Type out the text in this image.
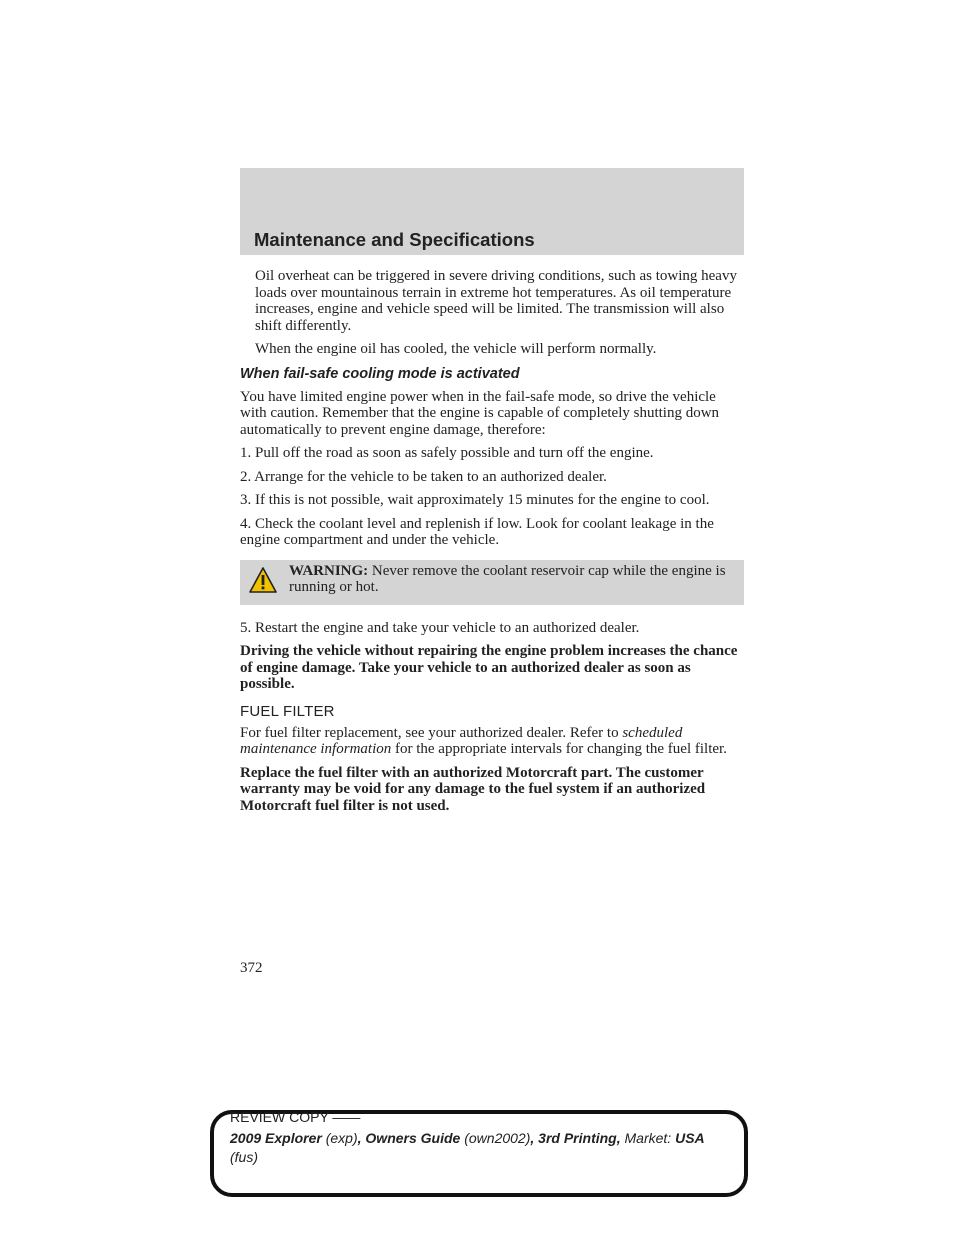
Maintenance and Specifications

Oil overheat can be triggered in severe driving conditions, such as towing heavy loads over mountainous terrain in extreme hot temperatures. As oil temperature increases, engine and vehicle speed will be limited. The transmission will also shift differently.

When the engine oil has cooled, the vehicle will perform normally.

When fail-safe cooling mode is activated

You have limited engine power when in the fail-safe mode, so drive the vehicle with caution. Remember that the engine is capable of completely shutting down automatically to prevent engine damage, therefore:

1. Pull off the road as soon as safely possible and turn off the engine.

2. Arrange for the vehicle to be taken to an authorized dealer.

3. If this is not possible, wait approximately 15 minutes for the engine to cool.

4. Check the coolant level and replenish if low. Look for coolant leakage in the engine compartment and under the vehicle.

WARNING: Never remove the coolant reservoir cap while the engine is running or hot.

5. Restart the engine and take your vehicle to an authorized dealer.

Driving the vehicle without repairing the engine problem increases the chance of engine damage. Take your vehicle to an authorized dealer as soon as possible.

FUEL FILTER

For fuel filter replacement, see your authorized dealer. Refer to scheduled maintenance information for the appropriate intervals for changing the fuel filter.

Replace the fuel filter with an authorized Motorcraft part. The customer warranty may be void for any damage to the fuel system if an authorized Motorcraft fuel filter is not used.

372
REVIEW COPY ——
2009 Explorer (exp), Owners Guide (own2002), 3rd Printing, Market: USA
(fus)
